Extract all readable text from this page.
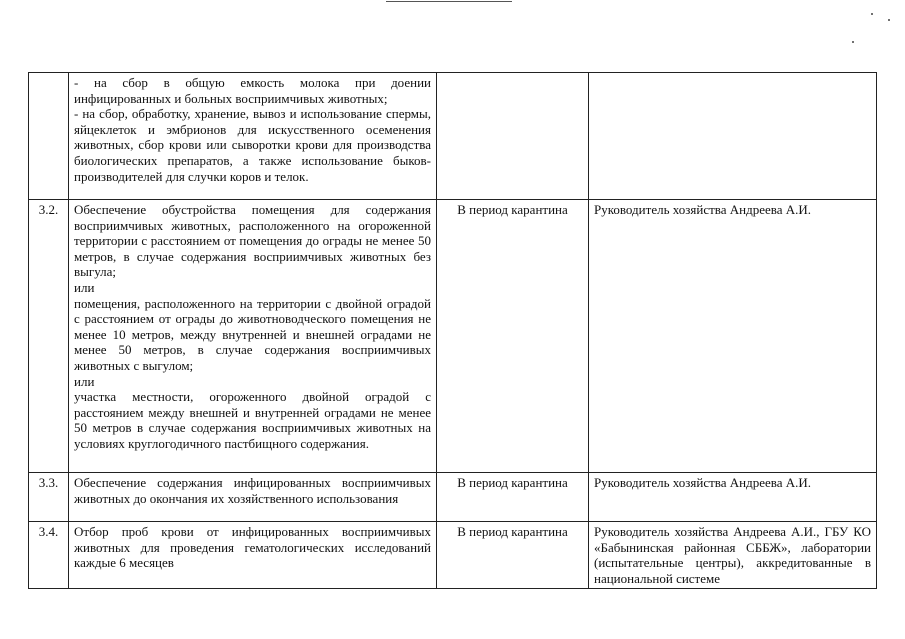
	- на сбор в общую емкость молока при доении инфицированных и больных восприимчивых животных;
- на сбор, обработку, хранение, вывоз и использование спермы, яйцеклеток и эмбрионов для искусственного осеменения животных, сбор крови или сыворотки крови для производства биологических препаратов, а также использование быков-производителей для случки коров и телок.		

3.2.	Обеспечение обустройства помещения для содержания восприимчивых животных, расположенного на огороженной территории с расстоянием от помещения до ограды не менее 50 метров, в случае содержания восприимчивых животных без выгула;
или
помещения, расположенного на территории с двойной оградой с расстоянием от ограды до животноводческого помещения не менее 10 метров, между внутренней и внешней оградами не менее 50 метров, в случае содержания восприимчивых животных с выгулом;
или
участка местности, огороженного двойной оградой с расстоянием между внешней и внутренней оградами не менее 50 метров в случае содержания восприимчивых животных на условиях круглогодичного пастбищного содержания.	В период карантина	Руководитель хозяйства Андреева А.И.
3.3.	Обеспечение содержания инфицированных восприимчивых животных до окончания их хозяйственного использования	В период карантина	Руководитель хозяйства Андреева А.И.
3.4.	Отбор проб крови от инфицированных восприимчивых животных для проведения гематологических исследований каждые 6 месяцев	В период карантина	Руководитель хозяйства Андреева А.И., ГБУ КО «Бабынинская районная СББЖ», лаборатории (испытательные центры), аккредитованные в национальной системе
